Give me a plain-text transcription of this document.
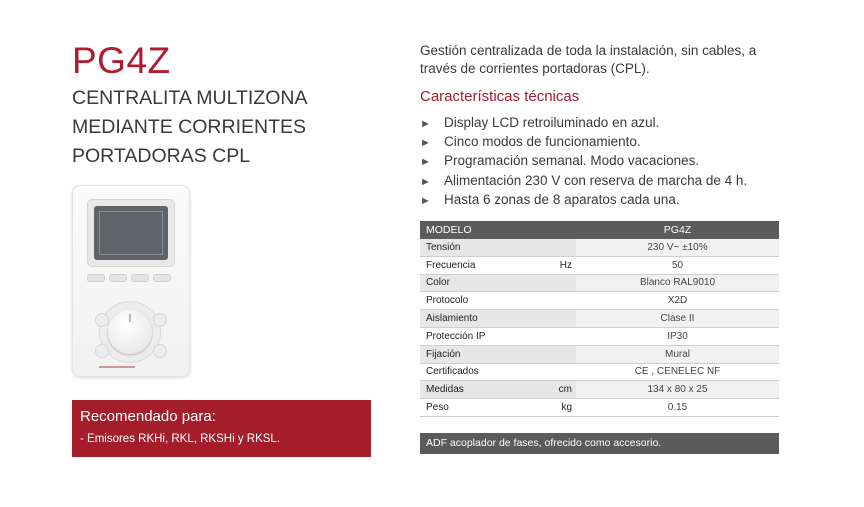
PG4Z
CENTRALITA MULTIZONA
MEDIANTE CORRIENTES
PORTADORAS CPL
Recomendado para:
- Emisores RKHi, RKL, RKSHi y RKSL.
Gestión centralizada de toda la instalación, sin cables, a
través de corrientes portadoras (CPL).
Características técnicas
► Display LCD retroiluminado en azul.
► Cinco modos de funcionamiento.
► Programación semanal. Modo vacaciones.
► Alimentación 230 V con reserva de marcha de 4 h.
► Hasta 6 zonas de 8 aparatos cada una.
MODELO		PG4Z
Tensión		230 V~ ±10%
Frecuencia	Hz	50
Color		Blanco RAL9010
Protocolo		X2D
Aislamiento		Clase II
Protección IP		IP30
Fijación		Mural
Certificados		CE , CENELEC NF
Medidas	cm	134 x 80 x 25
Peso	kg	0.15
ADF acoplador de fases, ofrecido como accesorio.
